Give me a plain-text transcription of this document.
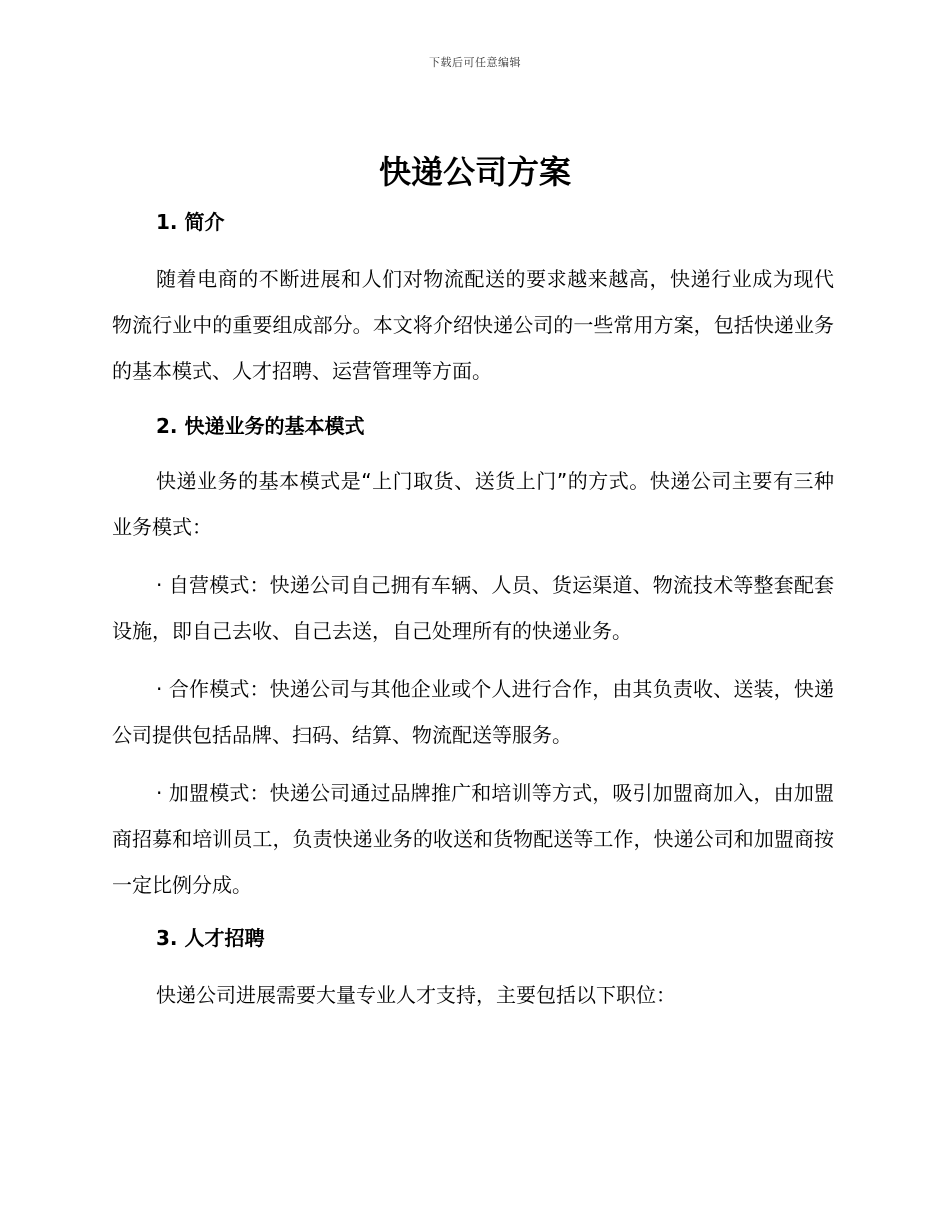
下载后可任意编辑
快递公司方案
1. 简介

随着电商的不断进展和人们对物流配送的要求越来越高，快递行业成为现代物流行业中的重要组成部分。本文将介绍快递公司的一些常用方案，包括快递业务的基本模式、人才招聘、运营管理等方面。

2. 快递业务的基本模式

快递业务的基本模式是“上门取货、送货上门”的方式。快递公司主要有三种业务模式：

· 自营模式：快递公司自己拥有车辆、人员、货运渠道、物流技术等整套配套设施，即自己去收、自己去送，自己处理所有的快递业务。

· 合作模式：快递公司与其他企业或个人进行合作，由其负责收、送装，快递公司提供包括品牌、扫码、结算、物流配送等服务。

· 加盟模式：快递公司通过品牌推广和培训等方式，吸引加盟商加入，由加盟商招募和培训员工，负责快递业务的收送和货物配送等工作，快递公司和加盟商按一定比例分成。

3. 人才招聘

快递公司进展需要大量专业人才支持，主要包括以下职位：
